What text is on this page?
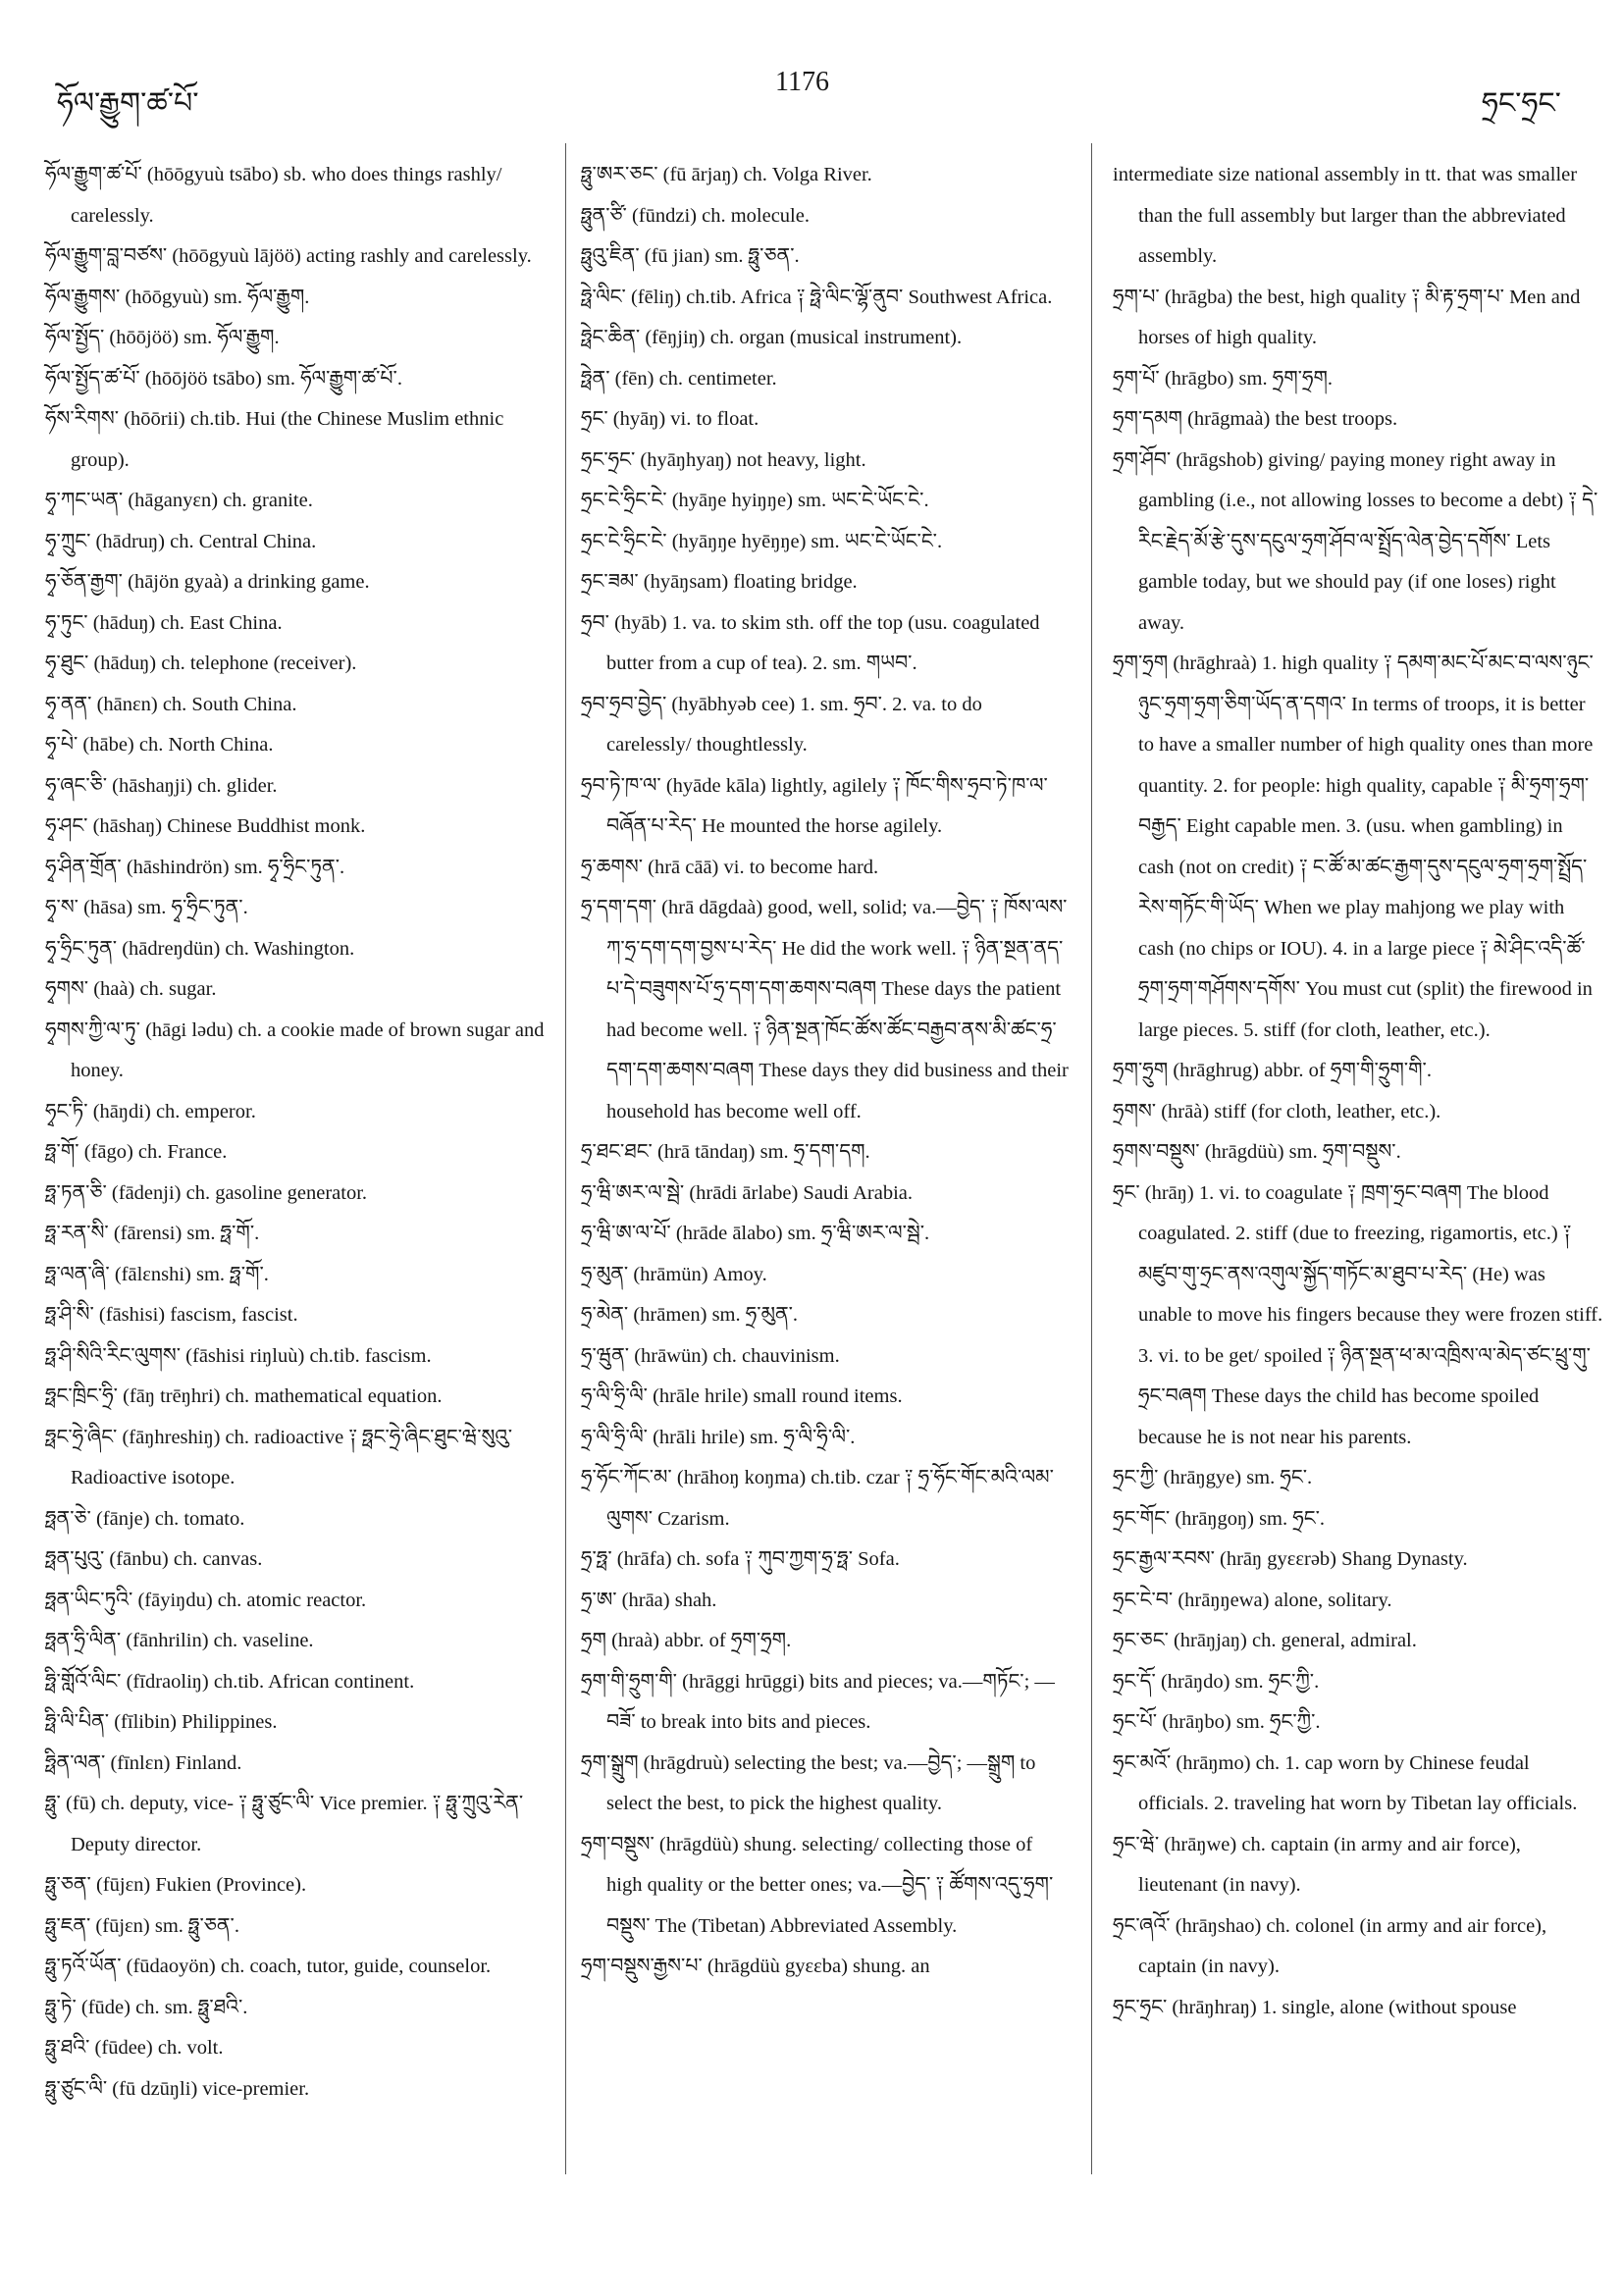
ཧོལ་རྒྱུག་ཚ་པོ་
1176
ཧྲང་ཧྲང་

ཧོལ་རྒྱུག་ཚ་པོ་ (hōōgyuù tsābo) sb. who does things rashly/ carelessly.

ཧོལ་རྒྱུག་བླ་བཙས་ (hōōgyuù lājöö) acting rashly and carelessly.

ཧོལ་རྒྱུགས་ (hōōgyuù) sm. ཧོལ་རྒྱུག.

ཧོལ་སྤྱོད་ (hōōjöö) sm. ཧོལ་རྒྱུག.

ཧོལ་སྤྱོད་ཚ་པོ་ (hōōjöö tsābo) sm. ཧོལ་རྒྱུག་ཚ་པོ་.

ཧོས་རིགས་ (hōōrii) ch.tib. Hui (the Chinese Muslim ethnic group).

ཧྭ་ཀང་ཡན་ (hāganyεn) ch. granite.

ཧྭ་ཀྲུང་ (hādruŋ) ch. Central China.

ཧྭ་ཅོན་རྒྱག་ (hājön gyaà) a drinking game.

ཧྭ་ཏུང་ (hāduŋ) ch. East China.

ཧྭ་ཐུང་ (hāduŋ) ch. telephone (receiver).

ཧྭ་ནན་ (hānεn) ch. South China.

ཧྭ་པེ་ (hābe) ch. North China.

ཧྭ་ཞང་ཅི་ (hāshaŋji) ch. glider.

ཧྭ་ཤང་ (hāshaŋ) Chinese Buddhist monk.

ཧྭ་ཤིན་གྲོན་ (hāshindrön) sm. ཧྭ་ཧྲིང་ཏུན་.

ཧྭ་ས་ (hāsa) sm. ཧྭ་ཧྲིང་ཏུན་.

ཧྭ་ཧྲིང་ཏུན་ (hādreŋdün) ch. Washington.

ཧྭགས་ (haà) ch. sugar.

ཧྭགས་ཀྱི་ལ་ཏུ་ (hāgi lədu) ch. a cookie made of brown sugar and honey.

ཧྭང་ཏི་ (hāŋdi) ch. emperor.

ཧྥ་གོ་ (fāgo) ch. France.

ཧྥ་ཏན་ཅི་ (fādenji) ch. gasoline generator.

ཧྥ་རན་སི་ (fārensi) sm. ཧྥ་གོ་.

ཧྥ་ལན་ཞི་ (fālεnshi) sm. ཧྥ་གོ་.

ཧྥ་ཤི་སི་ (fāshisi) fascism, fascist.

ཧྥ་ཤི་སིའི་རིང་ལུགས་ (fāshisi riŋluù) ch.tib. fascism.

ཧྥང་ཁྲིང་ཧྲི་ (fāŋ trēŋhri) ch. mathematical equation.

ཧྥང་ཧྲེ་ཞིང་ (fāŋhreshiŋ) ch. radioactive ༑ ཧྥང་ཧྲེ་ཞིང་ཐུང་ཝེ་སུའུ་ Radioactive isotope.

ཧྥན་ཅེ་ (fānje) ch. tomato.

ཧྥན་པུའུ་ (fānbu) ch. canvas.

ཧྥན་ཡིང་ཏུའི་ (fāyiŋdu) ch. atomic reactor.

ཧྥན་ཧྲི་ལིན་ (fānhrilin) ch. vaseline.

ཧྥི་གློའོ་ལིང་ (fīdraoliŋ) ch.tib. African continent.

ཧྥི་ལི་པིན་ (fīlibin) Philippines.

ཧྥིན་ལན་ (fīnlεn) Finland.

ཧྥུ་ (fū) ch. deputy, vice- ༑ ཧྥུ་ཙུང་ལི་ Vice premier. ༑ ཧྥུ་ཀྲུའུ་རེན་ Deputy director.

ཧྥུ་ཅན་ (fūjεn) Fukien (Province).

ཧྥུ་ཇན་ (fūjεn) sm. ཧྥུ་ཅན་.

ཧྥུ་ཏའོ་ཡོན་ (fūdaoyön) ch. coach, tutor, guide, counselor.

ཧྥུ་ཏེ་ (fūde) ch. sm. ཧྥུ་ཐའི་.

ཧྥུ་ཐའི་ (fūdee) ch. volt.

ཧྥུ་ཙུང་ལི་ (fū dzūŋli) vice-premier.

ཧྥུ་ཨར་ཅང་ (fū ārjaŋ) ch. Volga River.

ཧྥུན་ཙི་ (fūndzi) ch. molecule.

ཧྥུའུ་ཇིན་ (fū jian) sm. ཧྥུ་ཅན་.

ཧྥེ་ལིང་ (fēliŋ) ch.tib. Africa ༑ ཧྥེ་ལིང་ལྷོ་ནུབ་ Southwest Africa.

ཧྥེང་ཆིན་ (fēŋjiŋ) ch. organ (musical instrument).

ཧྥེན་ (fēn) ch. centimeter.

ཧྲང་ (hyāŋ) vi. to float.

ཧྲང་ཧྲང་ (hyāŋhyaŋ) not heavy, light.

ཧྲང་ངེ་ཧྲིང་ངེ་ (hyāŋe hyiŋŋe) sm. ཡང་ངེ་ཡོང་ངེ་.

ཧྲང་ངེ་ཧྲིང་ངེ་ (hyāŋŋe hyēŋŋe) sm. ཡང་ངེ་ཡོང་ངེ་.

ཧྲང་ཟམ་ (hyāŋsam) floating bridge.

ཧྲབ་ (hyāb) 1. va. to skim sth. off the top (usu. coagulated butter from a cup of tea). 2. sm. གཡབ་.

ཧྲབ་ཧྲབ་བྱེད་ (hyābhyəb cee) 1. sm. ཧྲབ་. 2. va. to do carelessly/ thoughtlessly.

ཧྲབ་ཏེ་ཁ་ལ་ (hyāde kāla) lightly, agilely ༑ ཁོང་གིས་ཧྲབ་ཏེ་ཁ་ལ་བཞོན་པ་རེད་ He mounted the horse agilely.

ཧྲ་ཆགས་ (hrā cāā) vi. to become hard.

ཧྲ་དག་དག་ (hrā dāgdaà) good, well, solid; va.—བྱེད་ ༑ ཁོས་ལས་ཀ་ཧྲ་དག་དག་བྱས་པ་རེད་ He did the work well. ༑ ཉིན་སྔན་ནད་པ་དེ་བཟུགས་པོ་ཧྲ་དག་དག་ཆགས་བཞག These days the patient had become well. ༑ ཉིན་སྔན་ཁོང་ཚོས་ཚོང་བརྒྱབ་ནས་མི་ཚང་ཧྲ་དག་དག་ཆགས་བཞག These days they did business and their household has become well off.

ཧྲ་ཐང་ཐང་ (hrā tāndaŋ) sm. ཧྲ་དག་དག.

ཧྲ་ཝི་ཨར་ལ་སྦེ་ (hrādi ārlabe) Saudi Arabia.

ཧྲ་ཝི་ཨ་ལ་པོ་ (hrāde ālabo) sm. ཧྲ་ཝི་ཨར་ལ་སྦེ་.

ཧྲ་མུན་ (hrāmün) Amoy.

ཧྲ་མེན་ (hrāmen) sm. ཧྲ་མུན་.

ཧྲ་ཝུན་ (hrāwün) ch. chauvinism.

ཧྲ་ལི་ཧྲི་ལི་ (hrāle hrile) small round items.

ཧྲ་ལི་ཧྲི་ལི་ (hrāli hrile) sm. ཧྲ་ལི་ཧྲི་ལི་.

ཧྲ་ཧོང་ཀོང་མ་ (hrāhoŋ koŋma) ch.tib. czar ༑ ཧྲ་ཧོང་གོང་མའི་ལམ་ལུགས་ Czarism.

ཧྲ་ཧྥ་ (hrāfa) ch. sofa ༑ ཀུབ་ཀྱག་ཧྲ་ཧྥ་ Sofa.

ཧྲ་ཨ་ (hrāa) shah.

ཧྲག (hraà) abbr. of ཧྲག་ཧྲག.

ཧྲག་གི་ཧྲུག་གི་ (hrāggi hrūggi) bits and pieces; va.—གཏོང་; —བཟོ་ to break into bits and pieces.

ཧྲག་སྒྲུག (hrāgdruù) selecting the best; va.—བྱེད་; —སྒྲུག to select the best, to pick the highest quality.

ཧྲག་བསྡུས་ (hrāgdüù) shung. selecting/ collecting those of high quality or the better ones; va.—བྱེད་ ༑ ཚོགས་འདུ་ཧྲག་བསྡུས་ The (Tibetan) Abbreviated Assembly.

ཧྲག་བསྡུས་རྒྱས་པ་ (hrāgdüù gyεεba) shung. an

intermediate size national assembly in tt. that was smaller than the full assembly but larger than the abbreviated assembly.

ཧྲག་པ་ (hrāgba) the best, high quality ༑ མི་རྟ་ཧྲག་པ་ Men and horses of high quality.

ཧྲག་པོ་ (hrāgbo) sm. ཧྲག་ཧྲག.

ཧྲག་དམག (hrāgmaà) the best troops.

ཧྲག་ཤོབ་ (hrāgshob) giving/ paying money right away in gambling (i.e., not allowing losses to become a debt) ༑ དེ་རིང་རྗེད་མོ་རྩེ་དུས་དངུལ་ཧྲག་ཤོབ་ལ་སྤྲོད་ལེན་བྱེད་དགོས་ Lets gamble today, but we should pay (if one loses) right away.

ཧྲག་ཧྲག (hrāghraà) 1. high quality ༑ དམག་མང་པོ་མང་བ་ལས་ཉུང་ཉུང་ཧྲག་ཧྲག་ཅིག་ཡོད་ན་དགའ་ In terms of troops, it is better to have a smaller number of high quality ones than more quantity. 2. for people: high quality, capable ༑ མི་ཧྲག་ཧྲག་བརྒྱད་ Eight capable men. 3. (usu. when gambling) in cash (not on credit) ༑ ང་ཚོ་མ་ཚང་རྒྱག་དུས་དངུལ་ཧྲག་ཧྲག་སྤྲོད་རེས་གཏོང་གི་ཡོད་ When we play mahjong we play with cash (no chips or IOU). 4. in a large piece ༑ མེ་ཤིང་འདི་ཚོ་ཧྲག་ཧྲག་གཤོགས་དགོས་ You must cut (split) the firewood in large pieces. 5. stiff (for cloth, leather, etc.).

ཧྲག་ཧྲུག (hrāghrug) abbr. of ཧྲག་གི་ཧྲུག་གི་.

ཧྲགས་ (hrāà) stiff (for cloth, leather, etc.).

ཧྲགས་བསྡུས་ (hrāgdüù) sm. ཧྲག་བསྡུས་.

ཧྲང་ (hrāŋ) 1. vi. to coagulate ༑ ཁྲག་ཧྲང་བཞག The blood coagulated. 2. stiff (due to freezing, rigamortis, etc.) ༑ མཛུབ་གུ་ཧྲང་ནས་འགུལ་སྐྱོད་གཏོང་མ་ཐུབ་པ་རེད་ (He) was unable to move his fingers because they were frozen stiff. 3. vi. to be get/ spoiled ༑ ཉིན་སྔན་ཕ་མ་འཁྲིས་ལ་མེད་ཙང་ཕྲུ་གུ་ཧྲང་བཞག These days the child has become spoiled because he is not near his parents.

ཧྲང་ཀྱི་ (hrāŋgye) sm. ཧྲང་.

ཧྲང་གོང་ (hrāŋgoŋ) sm. ཧྲང་.

ཧྲང་རྒྱལ་རབས་ (hrāŋ gyεεrəb) Shang Dynasty.

ཧྲང་ངེ་བ་ (hrāŋŋewa) alone, solitary.

ཧྲང་ཅང་ (hrāŋjaŋ) ch. general, admiral.

ཧྲང་དོ་ (hrāŋdo) sm. ཧྲང་ཀྱི་.

ཧྲང་པོ་ (hrāŋbo) sm. ཧྲང་ཀྱི་.

ཧྲང་མའོ་ (hrāŋmo) ch. 1. cap worn by Chinese feudal officials. 2. traveling hat worn by Tibetan lay officials.

ཧྲང་ཝེ་ (hrāŋwe) ch. captain (in army and air force), lieutenant (in navy).

ཧྲང་ཞའོ་ (hrāŋshao) ch. colonel (in army and air force), captain (in navy).

ཧྲང་ཧྲང་ (hrāŋhraŋ) 1. single, alone (without spouse
